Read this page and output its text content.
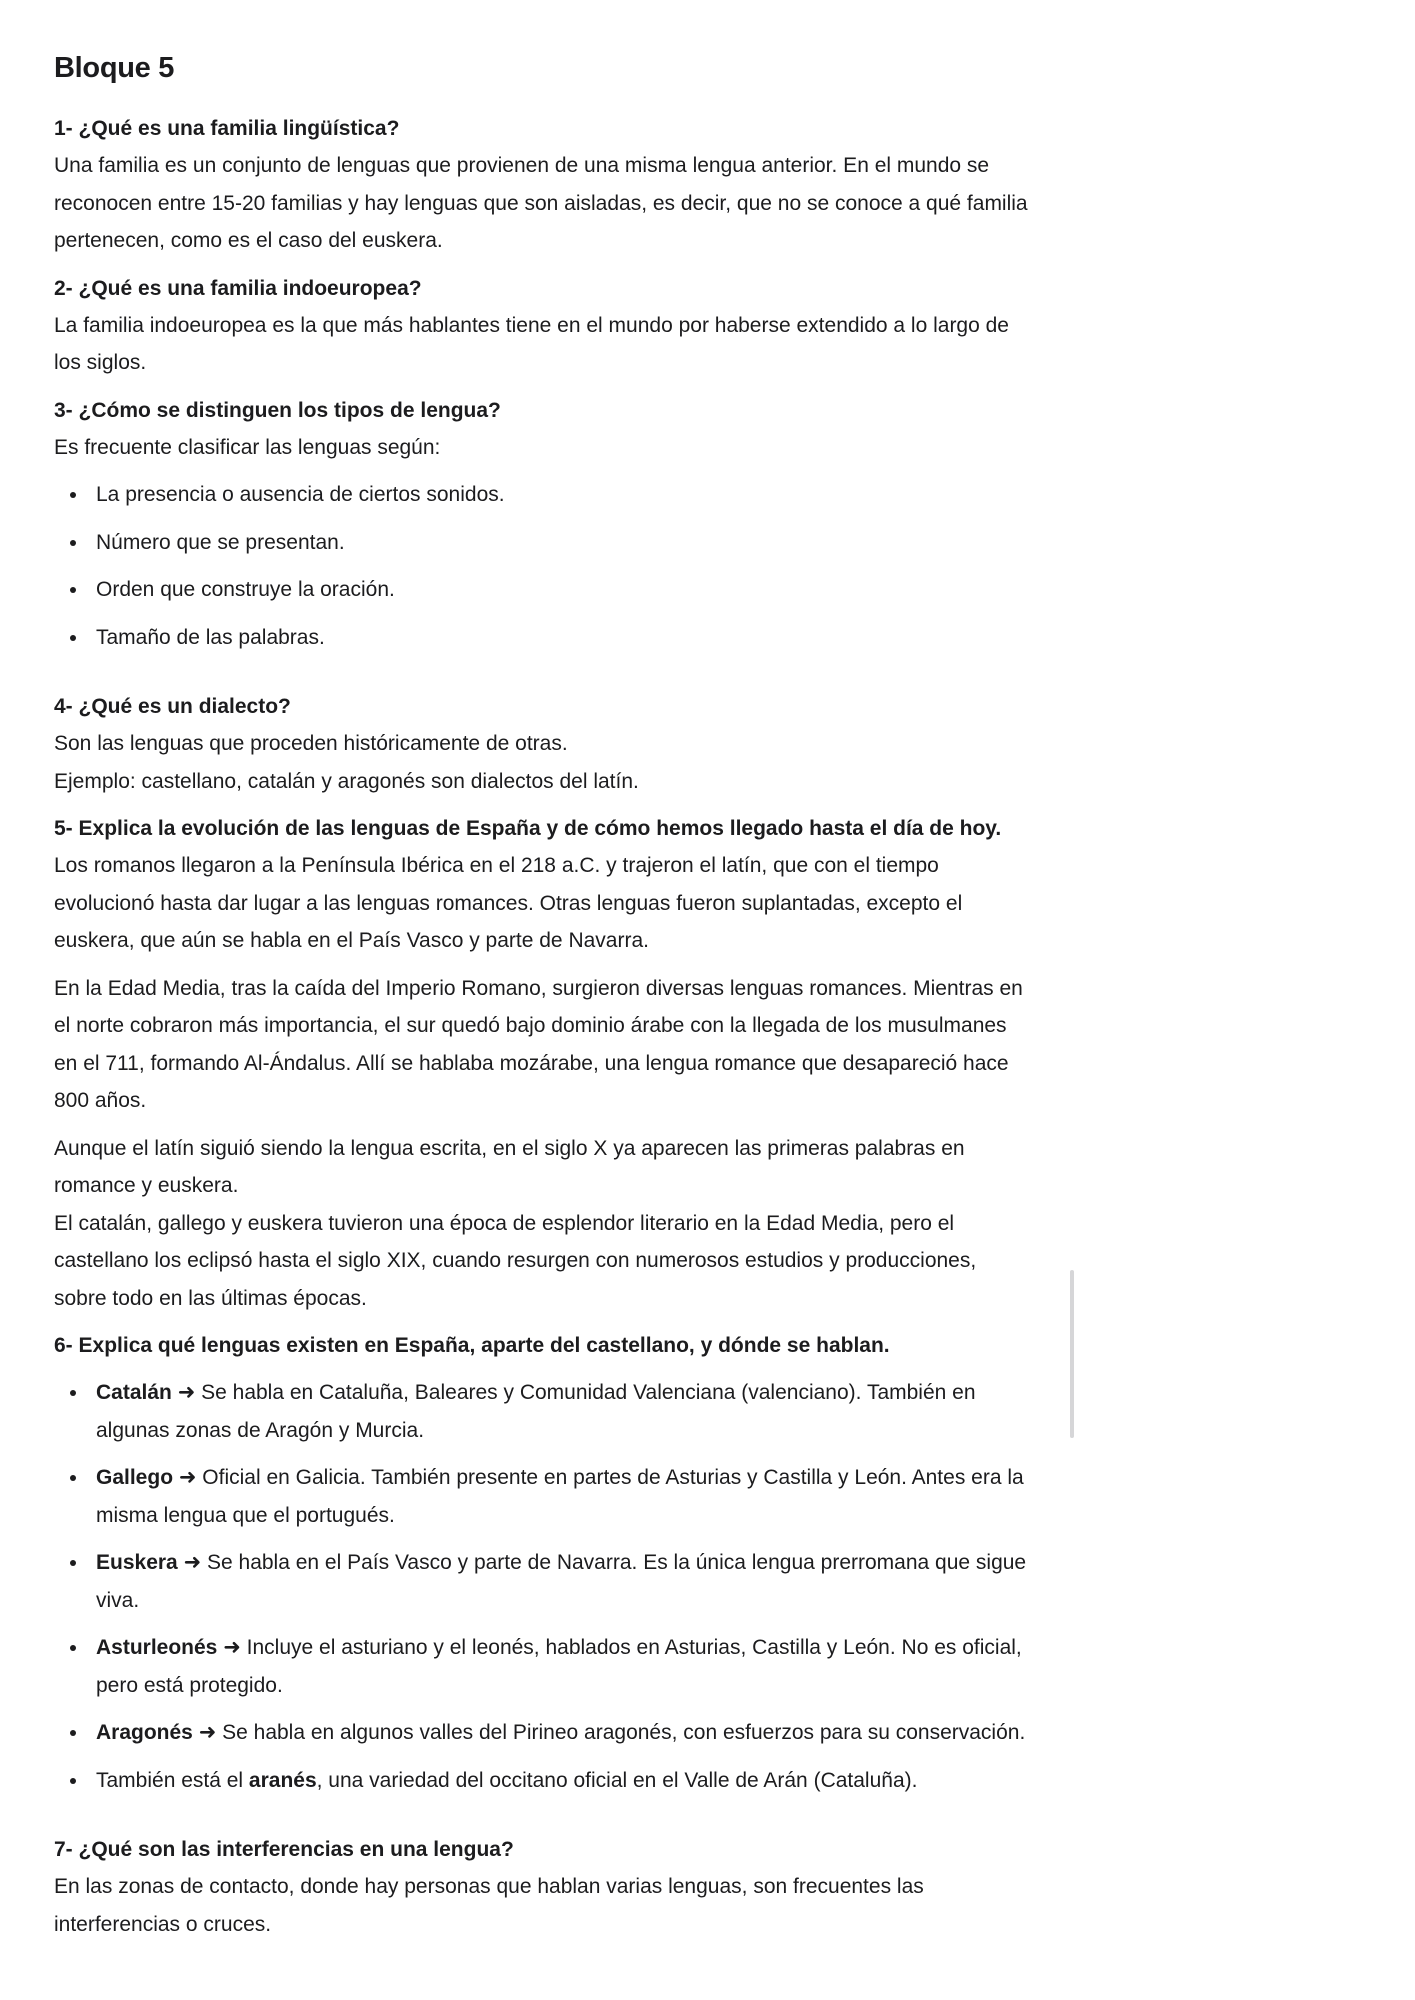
Bloque 5

1- ¿Qué es una familia lingüística?

Una familia es un conjunto de lenguas que provienen de una misma lengua anterior. En el mundo se reconocen entre 15-20 familias y hay lenguas que son aisladas, es decir, que no se conoce a qué familia pertenecen, como es el caso del euskera.

2- ¿Qué es una familia indoeuropea?

La familia indoeuropea es la que más hablantes tiene en el mundo por haberse extendido a lo largo de los siglos.

3- ¿Cómo se distinguen los tipos de lengua?

Es frecuente clasificar las lenguas según:

La presencia o ausencia de ciertos sonidos.
Número que se presentan.
Orden que construye la oración.
Tamaño de las palabras.

4- ¿Qué es un dialecto?

Son las lenguas que proceden históricamente de otras.

Ejemplo: castellano, catalán y aragonés son dialectos del latín.

5- Explica la evolución de las lenguas de España y de cómo hemos llegado hasta el día de hoy.

Los romanos llegaron a la Península Ibérica en el 218 a.C. y trajeron el latín, que con el tiempo evolucionó hasta dar lugar a las lenguas romances. Otras lenguas fueron suplantadas, excepto el euskera, que aún se habla en el País Vasco y parte de Navarra.

En la Edad Media, tras la caída del Imperio Romano, surgieron diversas lenguas romances. Mientras en el norte cobraron más importancia, el sur quedó bajo dominio árabe con la llegada de los musulmanes en el 711, formando Al-Ándalus. Allí se hablaba mozárabe, una lengua romance que desapareció hace 800 años.

Aunque el latín siguió siendo la lengua escrita, en el siglo X ya aparecen las primeras palabras en romance y euskera.

El catalán, gallego y euskera tuvieron una época de esplendor literario en la Edad Media, pero el castellano los eclipsó hasta el siglo XIX, cuando resurgen con numerosos estudios y producciones, sobre todo en las últimas épocas.

6- Explica qué lenguas existen en España, aparte del castellano, y dónde se hablan.

Catalán ➜ Se habla en Cataluña, Baleares y Comunidad Valenciana (valenciano). También en algunas zonas de Aragón y Murcia.
Gallego ➜ Oficial en Galicia. También presente en partes de Asturias y Castilla y León. Antes era la misma lengua que el portugués.
Euskera ➜ Se habla en el País Vasco y parte de Navarra. Es la única lengua prerromana que sigue viva.
Asturleonés ➜ Incluye el asturiano y el leonés, hablados en Asturias, Castilla y León. No es oficial, pero está protegido.
Aragonés ➜ Se habla en algunos valles del Pirineo aragonés, con esfuerzos para su conservación.
También está el aranés, una variedad del occitano oficial en el Valle de Arán (Cataluña).

7- ¿Qué son las interferencias en una lengua?

En las zonas de contacto, donde hay personas que hablan varias lenguas, son frecuentes las interferencias o cruces.
